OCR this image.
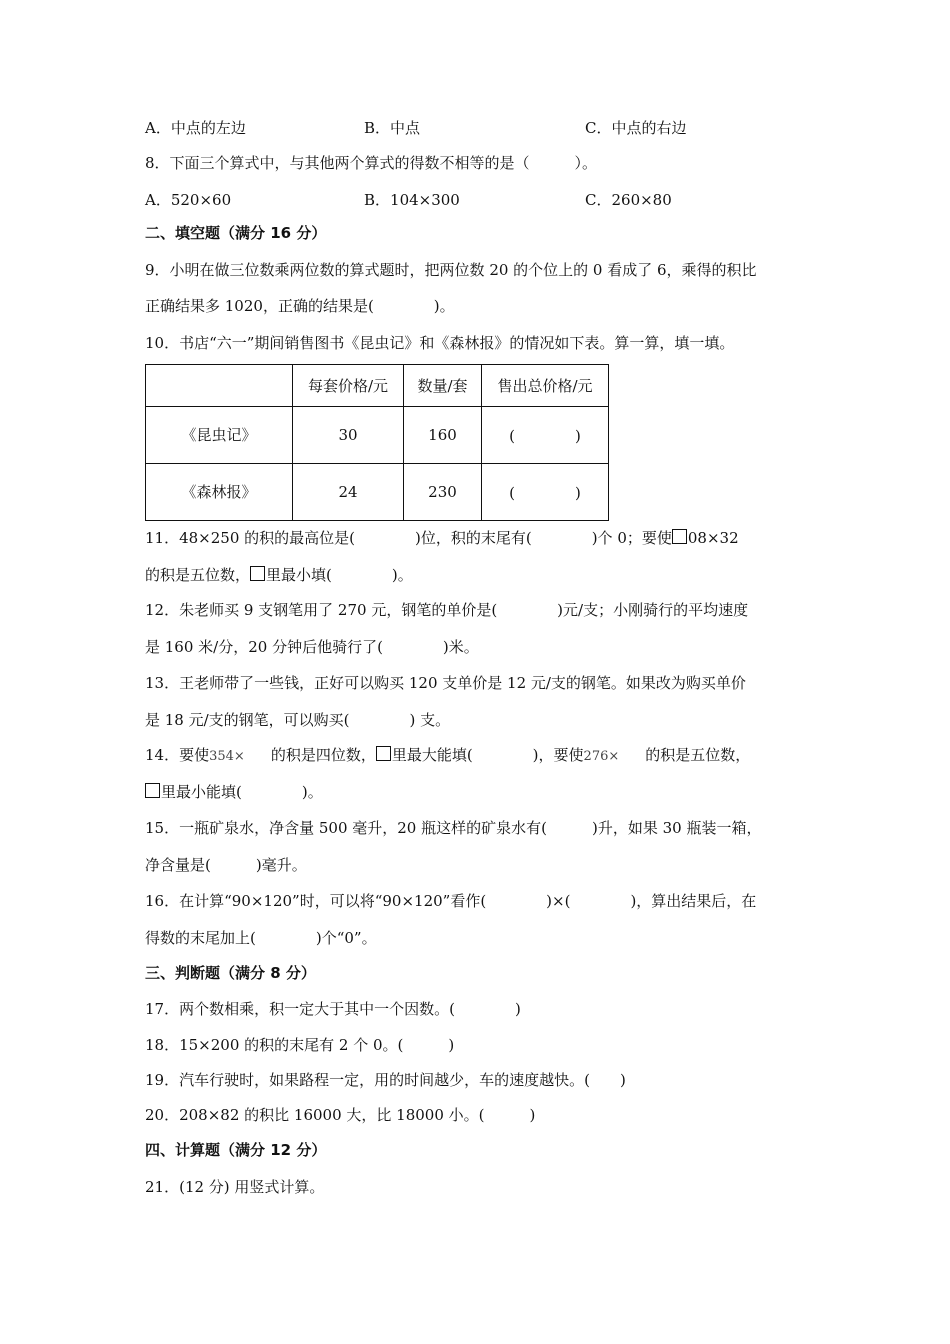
A．中点的左边	B．中点	C．中点的右边
8．下面三个算式中，与其他两个算式的得数不相等的是（　　　）。
A．520×60	B．104×300	C．260×80
二、填空题（满分 16 分）
9．小明在做三位数乘两位数的算式题时，把两位数 20 的个位上的 0 看成了 6，乘得的积比
正确结果多 1020，正确的结果是(　　　　)。
10．书店“六一”期间销售图书《昆虫记》和《森林报》的情况如下表。算一算，填一填。
	每套价格/元	数量/套	售出总价格/元
《昆虫记》	30	160	(　　　　)
《森林报》	24	230	(　　　　)
11．48×250 的积的最高位是(　　　　)位，积的末尾有(　　　　)个 0；要使 08×32
的积是五位数， 里最小填(　　　　)。
12．朱老师买 9 支钢笔用了 270 元，钢笔的单价是(　　　　)元/支；小刚骑行的平均速度
是 160 米/分，20 分钟后他骑行了(　　　　)米。
13．王老师带了一些钱，正好可以购买 120 支单价是 12 元/支的钢笔。如果改为购买单价
是 18 元/支的钢笔，可以购买(　　　　) 支。
14．要使354×　　的积是四位数， 里最大能填(　　　　)，要使276×　　的积是五位数，
里最小能填(　　　　)。
15．一瓶矿泉水，净含量 500 毫升，20 瓶这样的矿泉水有(　　　)升，如果 30 瓶装一箱，
净含量是(　　　)毫升。
16．在计算“90×120”时，可以将“90×120”看作(　　　　)×(　　　　)，算出结果后，在
得数的末尾加上(　　　　)个“0”。
三、判断题（满分 8 分）
17．两个数相乘，积一定大于其中一个因数。(　　　　)
18．15×200 的积的末尾有 2 个 0。(　　　)
19．汽车行驶时，如果路程一定，用的时间越少，车的速度越快。(　　)
20．208×82 的积比 16000 大，比 18000 小。(　　　)
四、计算题（满分 12 分）
21．(12 分) 用竖式计算。
